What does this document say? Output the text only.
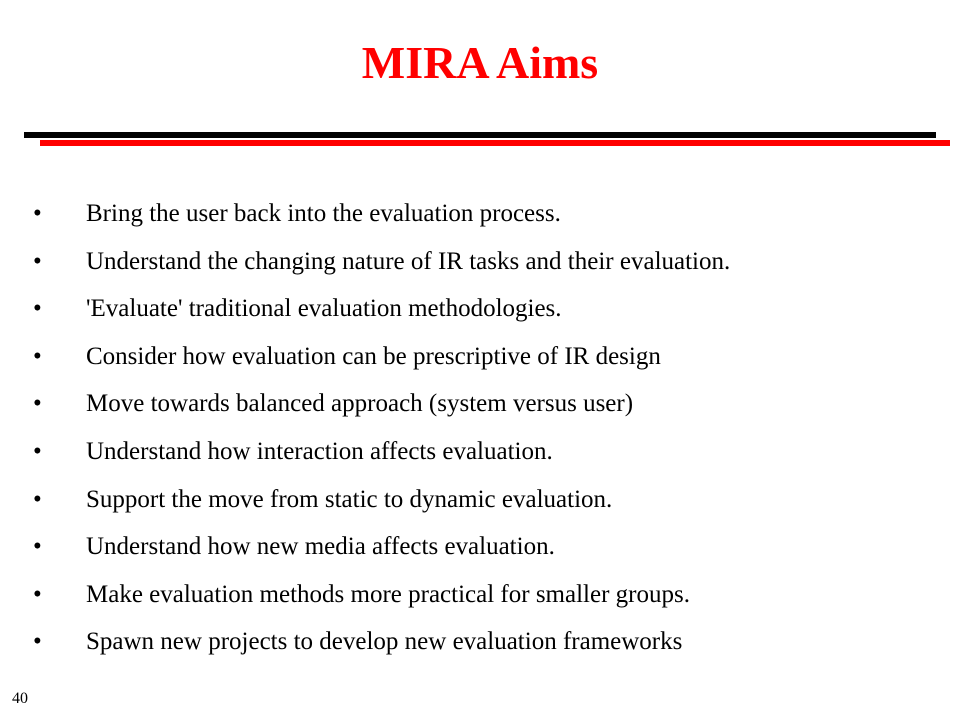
MIRA Aims
• Bring the user back into the evaluation process.
• Understand the changing nature of IR tasks and their evaluation.
• 'Evaluate' traditional evaluation methodologies.
• Consider how evaluation can be prescriptive of IR design
• Move towards balanced approach (system versus user)
• Understand how interaction affects evaluation.
• Support the move from static to dynamic evaluation.
• Understand how new media affects evaluation.
• Make evaluation methods more practical for smaller groups.
• Spawn new projects to develop new evaluation frameworks
40
